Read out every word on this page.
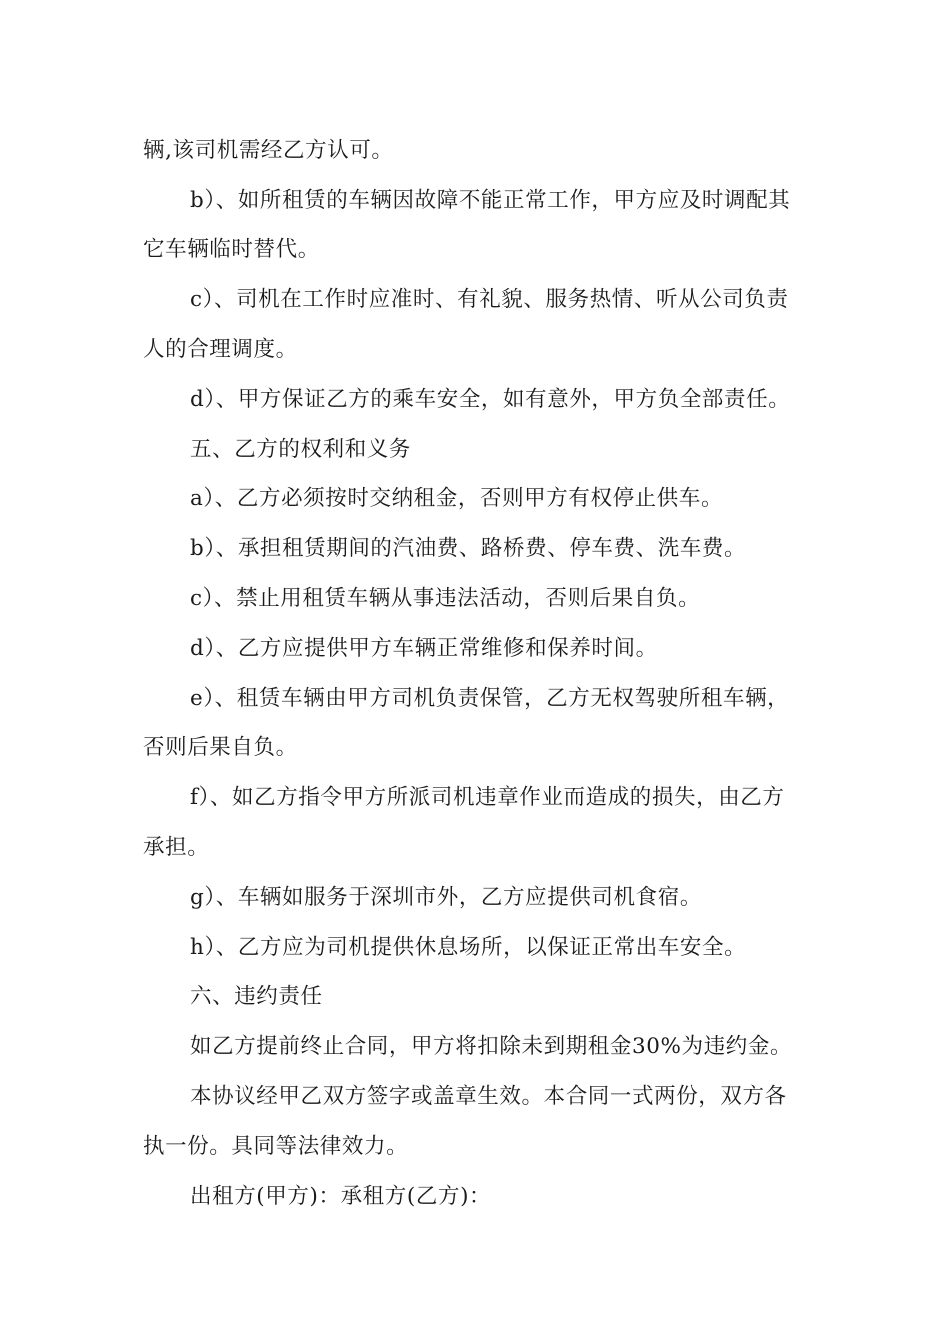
辆,该司机需经乙方认可。
b）、如所租赁的车辆因故障不能正常工作，甲方应及时调配其
它车辆临时替代。
c）、司机在工作时应准时、有礼貌、服务热情、听从公司负责
人的合理调度。
d）、甲方保证乙方的乘车安全，如有意外，甲方负全部责任。
五、乙方的权利和义务
a）、乙方必须按时交纳租金，否则甲方有权停止供车。
b）、承担租赁期间的汽油费、路桥费、停车费、洗车费。
c）、禁止用租赁车辆从事违法活动，否则后果自负。
d）、乙方应提供甲方车辆正常维修和保养时间。
e）、租赁车辆由甲方司机负责保管，乙方无权驾驶所租车辆，
否则后果自负。
f）、如乙方指令甲方所派司机违章作业而造成的损失，由乙方
承担。
g）、车辆如服务于深圳市外，乙方应提供司机食宿。
h）、乙方应为司机提供休息场所，以保证正常出车安全。
六、违约责任
如乙方提前终止合同，甲方将扣除未到期租金30%为违约金。
本协议经甲乙双方签字或盖章生效。本合同一式两份，双方各
执一份。具同等法律效力。
出租方(甲方)：承租方(乙方)：
